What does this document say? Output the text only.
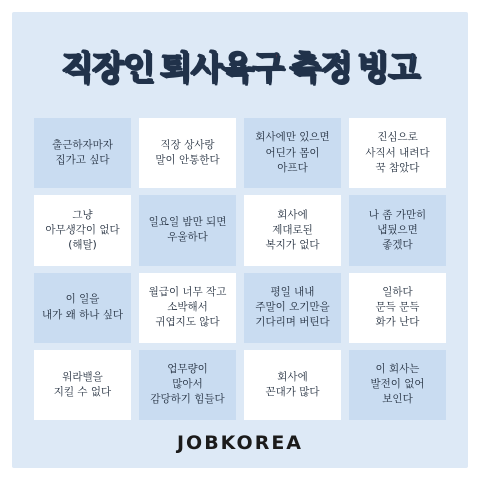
직장인 퇴사욕구 측정 빙고
출근하자마자
집가고 싶다
직장 상사랑
말이 안통한다
회사에만 있으면
어딘가 몸이
아프다
진심으로
사직서 내려다
꾹 참았다
그냥
아무생각이 없다
(해탈)
일요일 밤만 되면
우울하다
회사에
제대로된
복지가 없다
나 좀 가만히
냅뒀으면
좋겠다
이 일을
내가 왜 하나 싶다
월급이 너무 작고
소박해서
귀엽지도 않다
평일 내내
주말이 오기만을
기다리며 버틴다
일하다
문득 문득
화가 난다
워라밸을
지킬 수 없다
업무량이
많아서
감당하기 힘들다
회사에
꼰대가 많다
이 회사는
발전이 없어
보인다
JOBKOREA
